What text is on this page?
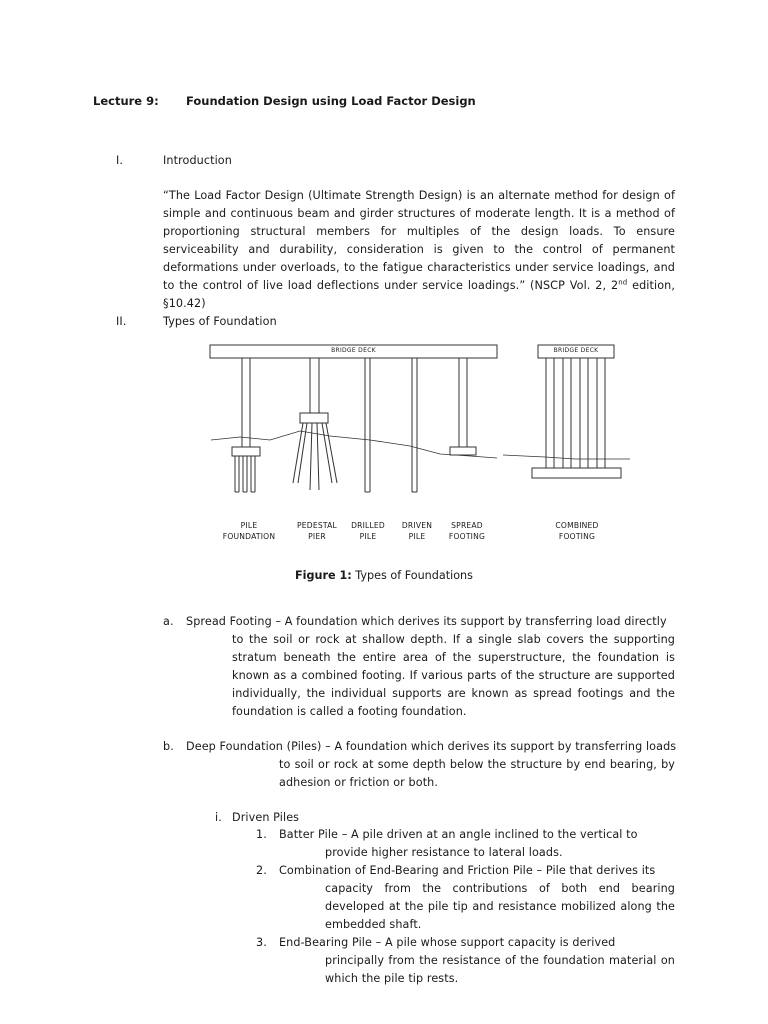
Lecture 9: Foundation Design using Load Factor Design
I.	Introduction
“The Load Factor Design (Ultimate Strength Design) is an alternate method for design of simple and continuous beam and girder structures of moderate length. It is a method of proportioning structural members for multiples of the design loads. To ensure serviceability and durability, consideration is given to the control of permanent deformations under overloads, to the fatigue characteristics under service loadings, and to the control of live load deflections under service loadings.” (NSCP Vol. 2, 2nd edition, §10.42)
II.	Types of Foundation
BRIDGE DECK	BRIDGE DECK
PILE
FOUNDATION
PEDESTAL
PIER
DRILLED
PILE
DRIVEN
PILE
SPREAD
FOOTING
COMBINED
FOOTING
Figure 1: Types of Foundations
a. Spread Footing – A foundation which derives its support by transferring load directly
to the soil or rock at shallow depth. If a single slab covers the supporting stratum beneath the entire area of the superstructure, the foundation is known as a combined footing. If various parts of the structure are supported individually, the individual supports are known as spread footings and the foundation is called a footing foundation.
b. Deep Foundation (Piles) – A foundation which derives its support by transferring loads
to soil or rock at some depth below the structure by end bearing, by adhesion or friction or both.
i. Driven Piles
1. Batter Pile – A pile driven at an angle inclined to the vertical to
provide higher resistance to lateral loads.
2. Combination of End-Bearing and Friction Pile – Pile that derives its
capacity from the contributions of both end bearing developed at the pile tip and resistance mobilized along the embedded shaft.
3. End-Bearing Pile – A pile whose support capacity is derived
principally from the resistance of the foundation material on which the pile tip rests.
